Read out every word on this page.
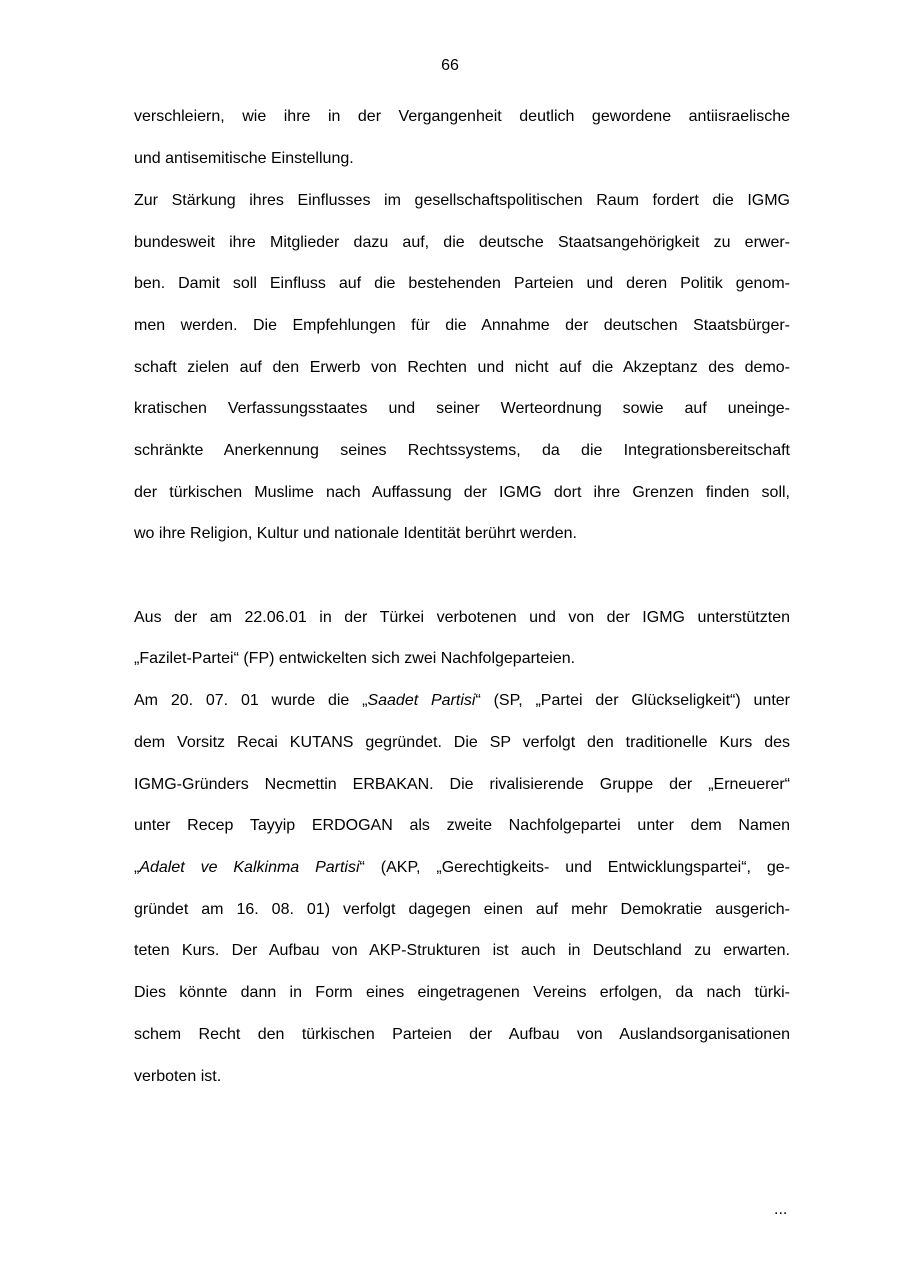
66
verschleiern, wie ihre in der Vergangenheit deutlich gewordene antiisraelische
und antisemitische Einstellung.
Zur Stärkung ihres Einflusses im gesellschaftspolitischen Raum fordert die IGMG
bundesweit ihre Mitglieder dazu auf, die deutsche Staatsangehörigkeit zu erwer-
ben. Damit soll Einfluss auf die bestehenden Parteien und deren Politik genom-
men werden. Die Empfehlungen für die Annahme der deutschen Staatsbürger-
schaft zielen auf den Erwerb von Rechten und nicht auf die Akzeptanz des demo-
kratischen Verfassungsstaates und seiner Werteordnung sowie auf uneinge-
schränkte Anerkennung seines Rechtssystems, da die Integrationsbereitschaft
der türkischen Muslime nach Auffassung der IGMG dort ihre Grenzen finden soll,
wo ihre Religion, Kultur und nationale Identität berührt werden.
Aus der am 22.06.01 in der Türkei verbotenen und von der IGMG unterstützten
„Fazilet-Partei“ (FP) entwickelten sich zwei Nachfolgeparteien.
Am 20. 07. 01 wurde die „Saadet Partisi“ (SP, „Partei der Glückseligkeit“) unter
dem Vorsitz Recai KUTANS gegründet. Die SP verfolgt den traditionelle Kurs des
IGMG-Gründers Necmettin ERBAKAN. Die rivalisierende Gruppe der „Erneuerer“
unter Recep Tayyip ERDOGAN als zweite Nachfolgepartei unter dem Namen
„Adalet ve Kalkinma Partisi“ (AKP, „Gerechtigkeits- und Entwicklungspartei“, ge-
gründet am 16. 08. 01) verfolgt dagegen einen auf mehr Demokratie ausgerich-
teten Kurs. Der Aufbau von AKP-Strukturen ist auch in Deutschland zu erwarten.
Dies könnte dann in Form eines eingetragenen Vereins erfolgen, da nach türki-
schem Recht den türkischen Parteien der Aufbau von Auslandsorganisationen
verboten ist.
...
